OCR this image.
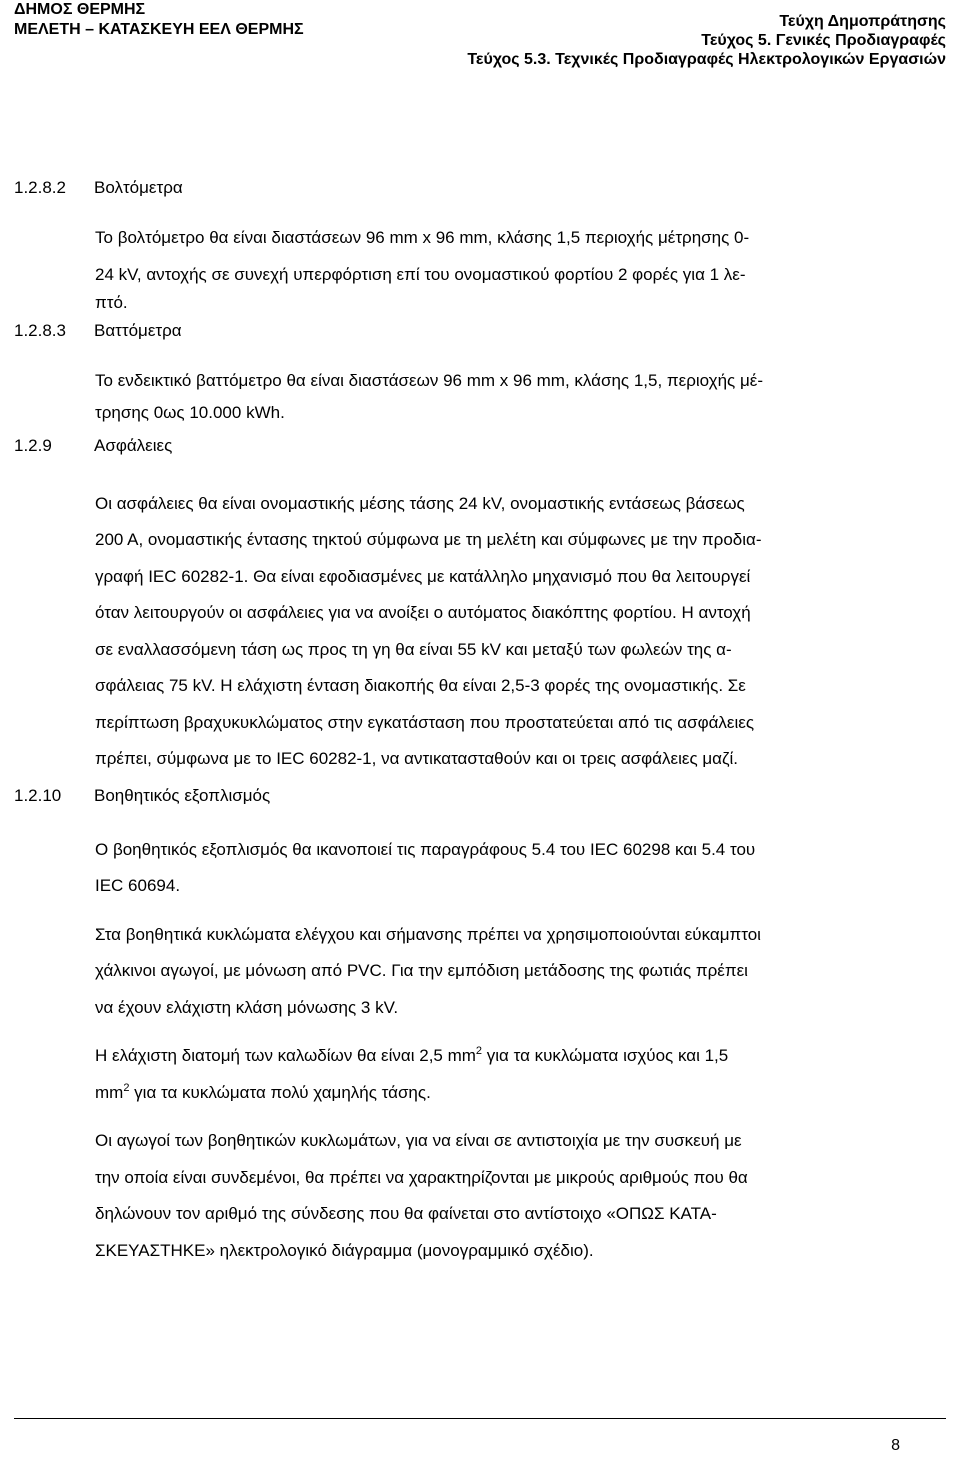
ΔΗΜΟΣ ΘΕΡΜΗΣ
ΜΕΛΕΤΗ – ΚΑΤΑΣΚΕΥΗ ΕΕΛ ΘΕΡΜΗΣ	Τεύχη Δημοπράτησης
Τεύχος 5. Γενικές Προδιαγραφές
Τεύχος 5.3. Τεχνικές Προδιαγραφές Ηλεκτρολογικών Εργασιών
1.2.8.2	Βολτόμετρα

Το βολτόμετρο θα είναι διαστάσεων 96 mm x 96 mm, κλάσης 1,5 περιοχής μέτρησης 0-

24 kV, αντοχής σε συνεχή υπερφόρτιση επί του ονομαστικού φορτίου 2 φορές για 1 λε-

πτό.

1.2.8.3	Βαττόμετρα

Το ενδεικτικό βαττόμετρο θα είναι διαστάσεων 96 mm x 96 mm, κλάσης 1,5, περιοχής μέ-

τρησης 0ως 10.000 kWh.

1.2.9	Ασφάλειες

Οι ασφάλειες θα είναι ονομαστικής μέσης τάσης 24 kV, ονομαστικής εντάσεως βάσεως

200 A, ονομαστικής έντασης τηκτού σύμφωνα με τη μελέτη και σύμφωνες με την προδια-

γραφή IEC 60282-1. Θα είναι εφοδιασμένες με κατάλληλο μηχανισμό που θα λειτουργεί

όταν λειτουργούν οι ασφάλειες για να ανοίξει ο αυτόματος διακόπτης φορτίου. Η αντοχή

σε εναλλασσόμενη τάση ως προς τη γη θα είναι 55 kV και μεταξύ των φωλεών της α-

σφάλειας 75 kV. Η ελάχιστη ένταση διακοπής θα είναι 2,5-3 φορές της ονομαστικής. Σε

περίπτωση βραχυκυκλώματος στην εγκατάσταση που προστατεύεται από τις ασφάλειες

πρέπει, σύμφωνα με το IEC 60282-1, να αντικατασταθούν και οι τρεις ασφάλειες μαζί.

1.2.10	Βοηθητικός εξοπλισμός

Ο βοηθητικός εξοπλισμός θα ικανοποιεί τις παραγράφους 5.4 του IEC 60298 και 5.4 του

IEC 60694.

Στα βοηθητικά κυκλώματα ελέγχου και σήμανσης πρέπει να χρησιμοποιούνται εύκαμπτοι

χάλκινοι αγωγοί, με μόνωση από PVC. Για την εμπόδιση μετάδοσης της φωτιάς πρέπει

να έχουν ελάχιστη κλάση μόνωσης 3 kV.

Η ελάχιστη διατομή των καλωδίων θα είναι 2,5 $mm^2$ για τα κυκλώματα ισχύος και 1,5

$mm^2$ για τα κυκλώματα πολύ χαμηλής τάσης.

Οι αγωγοί των βοηθητικών κυκλωμάτων, για να είναι σε αντιστοιχία με την συσκευή με

την οποία είναι συνδεμένοι, θα πρέπει να χαρακτηρίζονται με μικρούς αριθμούς που θα

δηλώνουν τον αριθμό της σύνδεσης που θα φαίνεται στο αντίστοιχο «ΟΠΩΣ ΚΑΤΑ-

ΣΚΕΥΑΣΤΗΚΕ» ηλεκτρολογικό διάγραμμα (μονογραμμικό σχέδιο).

8
